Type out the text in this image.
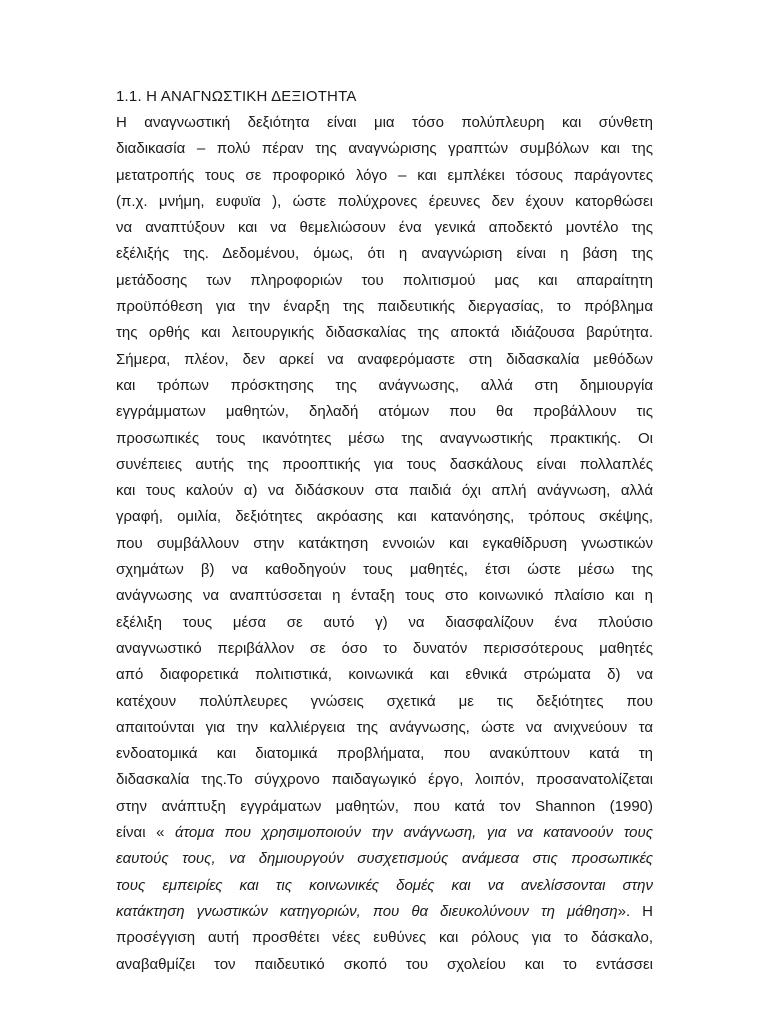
1.1. Η ΑΝΑΓΝΩΣΤΙΚΗ ΔΕΞΙΟΤΗΤΑ
Η αναγνωστική δεξιότητα είναι μια τόσο πολύπλευρη και σύνθετη
διαδικασία – πολύ πέραν της αναγνώρισης γραπτών συμβόλων και της
μετατροπής τους σε προφορικό λόγο – και εμπλέκει τόσους παράγοντες
(π.χ. μνήμη, ευφυϊα ), ώστε πολύχρονες έρευνες δεν έχουν κατορθώσει
να αναπτύξουν και να θεμελιώσουν ένα γενικά αποδεκτό μοντέλο της
εξέλιξής της. Δεδομένου, όμως, ότι η αναγνώριση είναι η βάση της
μετάδοσης των πληροφοριών του πολιτισμού μας και απαραίτητη
προϋπόθεση για την έναρξη της παιδευτικής διεργασίας, το πρόβλημα
της ορθής και λειτουργικής διδασκαλίας της αποκτά ιδιάζουσα βαρύτητα.
Σήμερα, πλέον, δεν αρκεί να αναφερόμαστε στη διδασκαλία μεθόδων
και τρόπων πρόσκτησης της ανάγνωσης, αλλά στη δημιουργία
εγγράμματων μαθητών, δηλαδή ατόμων που θα προβάλλουν τις
προσωπικές τους ικανότητες μέσω της αναγνωστικής πρακτικής. Οι
συνέπειες αυτής της προοπτικής για τους δασκάλους είναι πολλαπλές
και τους καλούν α) να διδάσκουν στα παιδιά όχι απλή ανάγνωση, αλλά
γραφή, ομιλία, δεξιότητες ακρόασης και κατανόησης, τρόπους σκέψης,
που συμβάλλουν στην κατάκτηση εννοιών και εγκαθίδρυση γνωστικών
σχημάτων β) να καθοδηγούν τους μαθητές, έτσι ώστε μέσω της
ανάγνωσης να αναπτύσσεται η ένταξη τους στο κοινωνικό πλαίσιο και η
εξέλιξη τους μέσα σε αυτό γ) να διασφαλίζουν ένα πλούσιο
αναγνωστικό περιβάλλον σε όσο το δυνατόν περισσότερους μαθητές
από διαφορετικά πολιτιστικά, κοινωνικά και εθνικά στρώματα δ) να
κατέχουν πολύπλευρες γνώσεις σχετικά με τις δεξιότητες που
απαιτούνται για την καλλιέργεια της ανάγνωσης, ώστε να ανιχνεύουν τα
ενδοατομικά και διατομικά προβλήματα, που ανακύπτουν κατά τη
διδασκαλία της.Το σύγχρονο παιδαγωγικό έργο, λοιπόν, προσανατολίζεται
στην ανάπτυξη εγγράματων μαθητών, που κατά τον Shannon (1990)
είναι « άτομα που χρησιμοποιούν την ανάγνωση, για να κατανοούν τους
εαυτούς τους, να δημιουργούν συσχετισμούς ανάμεσα στις προσωπικές
τους εμπειρίες και τις κοινωνικές δομές και να ανελίσσονται στην
κατάκτηση γνωστικών κατηγοριών, που θα διευκολύνουν τη μάθηση». Η
προσέγγιση αυτή προσθέτει νέες ευθύνες και ρόλους για το δάσκαλο,
αναβαθμίζει τον παιδευτικό σκοπό του σχολείου και το εντάσσει
